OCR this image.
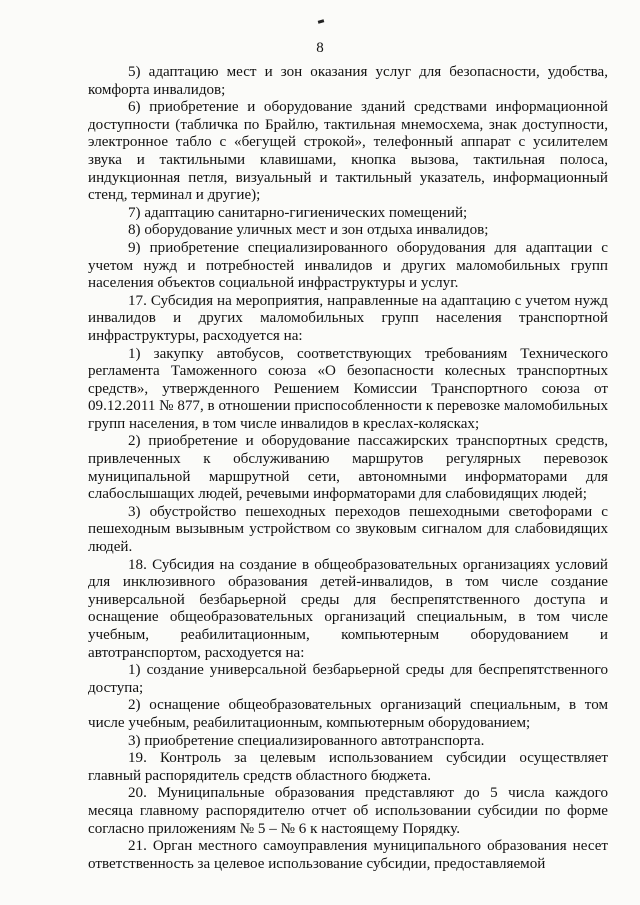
8

5) адаптацию мест и зон оказания услуг для безопасности, удобства, комфорта инвалидов;

6) приобретение и оборудование зданий средствами информационной доступности (табличка по Брайлю, тактильная мнемосхема, знак доступности, электронное табло с «бегущей строкой», телефонный аппарат с усилителем звука и тактильными клавишами, кнопка вызова, тактильная полоса, индукционная петля, визуальный и тактильный указатель, информационный стенд, терминал и другие);

7) адаптацию санитарно-гигиенических помещений;

8) оборудование уличных мест и зон отдыха инвалидов;

9) приобретение специализированного оборудования для адаптации с учетом нужд и потребностей инвалидов и других маломобильных групп населения объектов социальной инфраструктуры и услуг.

17. Субсидия на мероприятия, направленные на адаптацию с учетом нужд инвалидов и других маломобильных групп населения транспортной инфраструктуры, расходуется на:

1) закупку автобусов, соответствующих требованиям Технического регламента Таможенного союза «О безопасности колесных транспортных средств», утвержденного Решением Комиссии Транспортного союза от 09.12.2011 № 877, в отношении приспособленности к перевозке маломобильных групп населения, в том числе инвалидов в креслах-колясках;

2) приобретение и оборудование пассажирских транспортных средств, привлеченных к обслуживанию маршрутов регулярных перевозок муниципальной маршрутной сети, автономными информаторами для слабослышащих людей, речевыми информаторами для слабовидящих людей;

3) обустройство пешеходных переходов пешеходными светофорами с пешеходным вызывным устройством со звуковым сигналом для слабовидящих людей.

18. Субсидия на создание в общеобразовательных организациях условий для инклюзивного образования детей-инвалидов, в том числе создание универсальной безбарьерной среды для беспрепятственного доступа и оснащение общеобразовательных организаций специальным, в том числе учебным, реабилитационным, компьютерным оборудованием и автотранспортом, расходуется на:

1) создание универсальной безбарьерной среды для беспрепятственного доступа;

2) оснащение общеобразовательных организаций специальным, в том числе учебным, реабилитационным, компьютерным оборудованием;

3) приобретение специализированного автотранспорта.

19. Контроль за целевым использованием субсидии осуществляет главный распорядитель средств областного бюджета.

20. Муниципальные образования представляют до 5 числа каждого месяца главному распорядителю отчет об использовании субсидии по форме согласно приложениям № 5 – № 6 к настоящему Порядку.

21. Орган местного самоуправления муниципального образования несет ответственность за целевое использование субсидии, предоставляемой
